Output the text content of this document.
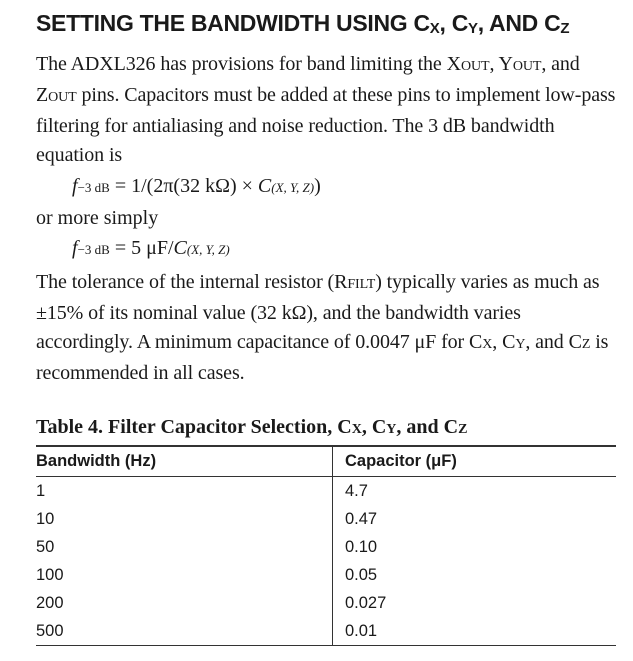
SETTING THE BANDWIDTH USING CX, CY, AND CZ

The ADXL326 has provisions for band limiting the XOUT, YOUT, and ZOUT pins. Capacitors must be added at these pins to implement low-pass filtering for antialiasing and noise reduction. The 3 dB bandwidth equation is

f−3 dB = 1/(2π(32 kΩ) × C(X, Y, Z))

or more simply

f−3 dB = 5 μF/C(X, Y, Z)

The tolerance of the internal resistor (RFILT) typically varies as much as ±15% of its nominal value (32 kΩ), and the bandwidth varies accordingly. A minimum capacitance of 0.0047 μF for CX, CY, and CZ is recommended in all cases.

Table 4. Filter Capacitor Selection, CX, CY, and CZ
Bandwidth (Hz)	Capacitor (μF)
1	4.7
10	0.47
50	0.10
100	0.05
200	0.027
500	0.01
